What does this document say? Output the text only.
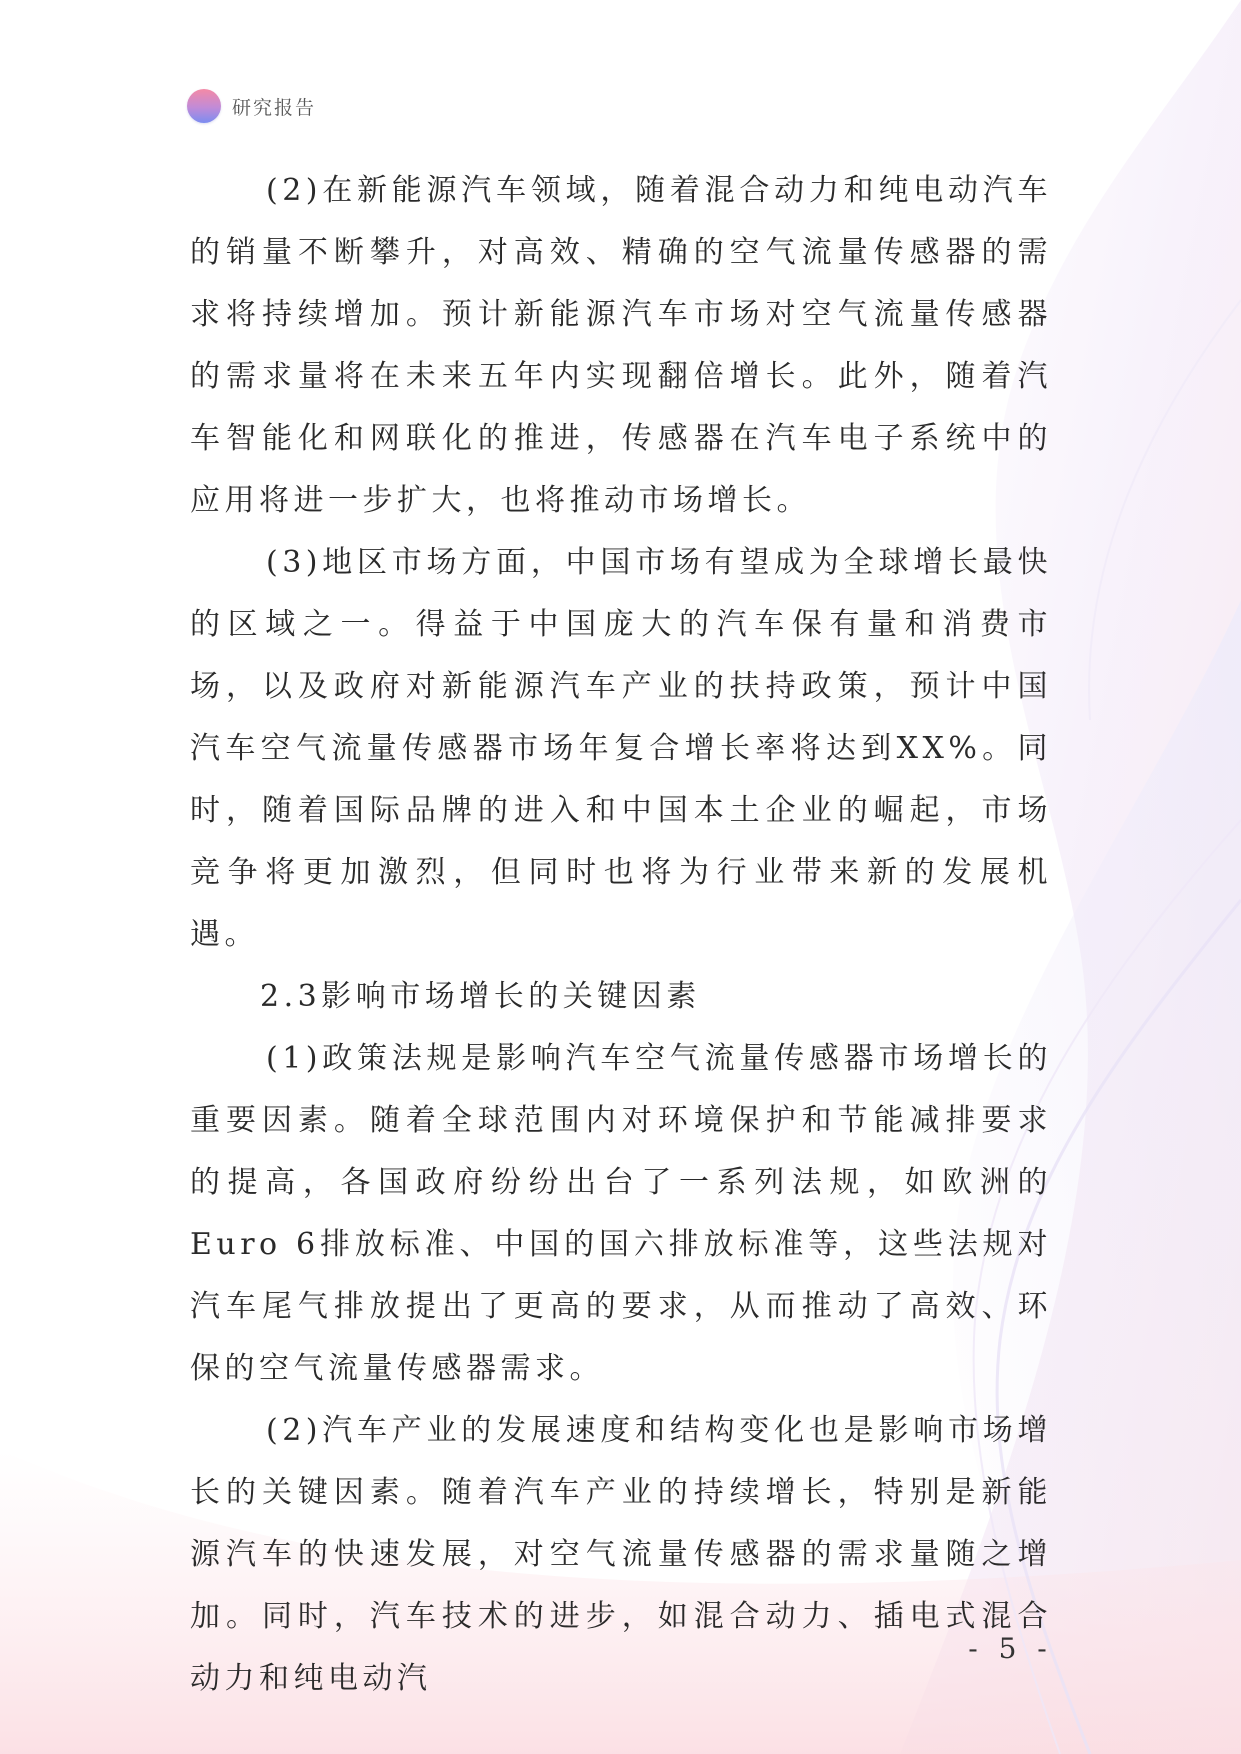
研究报告

(2)在新能源汽车领域，随着混合动力和纯电动汽车的销量不断攀升，对高效、精确的空气流量传感器的需求将持续增加。预计新能源汽车市场对空气流量传感器的需求量将在未来五年内实现翻倍增长。此外，随着汽车智能化和网联化的推进，传感器在汽车电子系统中的应用将进一步扩大，也将推动市场增长。

(3)地区市场方面，中国市场有望成为全球增长最快的区域之一。得益于中国庞大的汽车保有量和消费市场，以及政府对新能源汽车产业的扶持政策，预计中国汽车空气流量传感器市场年复合增长率将达到XX%。同时，随着国际品牌的进入和中国本土企业的崛起，市场竞争将更加激烈，但同时也将为行业带来新的发展机遇。

2.3影响市场增长的关键因素

(1)政策法规是影响汽车空气流量传感器市场增长的重要因素。随着全球范围内对环境保护和节能减排要求的提高，各国政府纷纷出台了一系列法规，如欧洲的Euro 6排放标准、中国的国六排放标准等，这些法规对汽车尾气排放提出了更高的要求，从而推动了高效、环保的空气流量传感器需求。

(2)汽车产业的发展速度和结构变化也是影响市场增长的关键因素。随着汽车产业的持续增长，特别是新能源汽车的快速发展，对空气流量传感器的需求量随之增加。同时，汽车技术的进步，如混合动力、插电式混合动力和纯电动汽

- 5 -
